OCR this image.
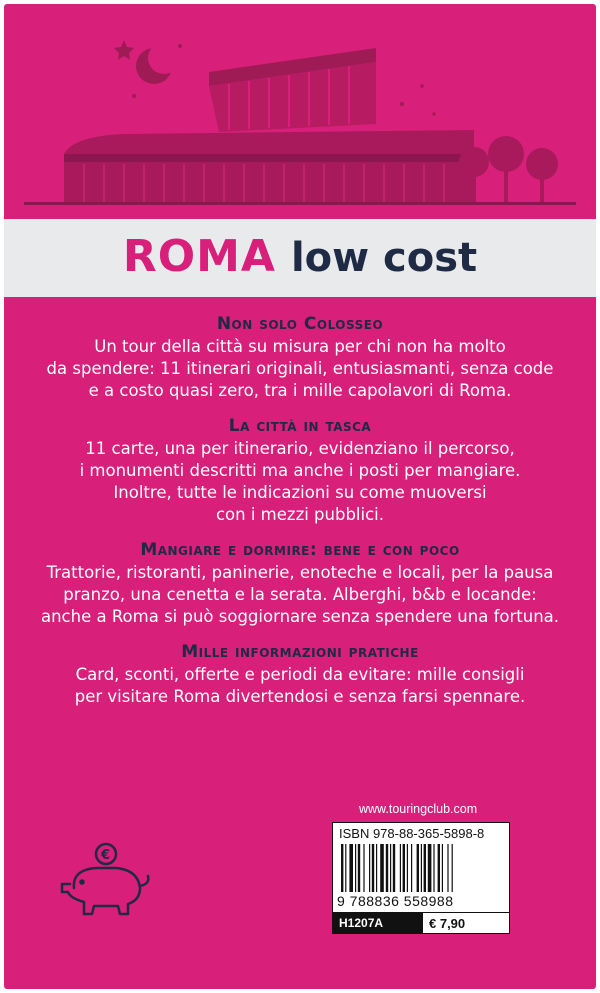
ROMA low cost
Non solo Colosseo

Un tour della città su misura per chi non ha molto
da spendere: 11 itinerari originali, entusiasmanti, senza code
e a costo quasi zero, tra i mille capolavori di Roma.

La città in tasca

11 carte, una per itinerario, evidenziano il percorso,
i monumenti descritti ma anche i posti per mangiare.
Inoltre, tutte le indicazioni su come muoversi
con i mezzi pubblici.

Mangiare e dormire: bene e con poco

Trattorie, ristoranti, paninerie, enoteche e locali, per la pausa
pranzo, una cenetta e la serata. Alberghi, b&b e locande:
anche a Roma si può soggiornare senza spendere una fortuna.

Mille informazioni pratiche

Card, sconti, offerte e periodi da evitare: mille consigli
per visitare Roma divertendosi e senza farsi spennare.

www.touringclub.com
ISBN 978-88-365-5898-8
9 788836 558988
H1207A	€ 7,90
€
